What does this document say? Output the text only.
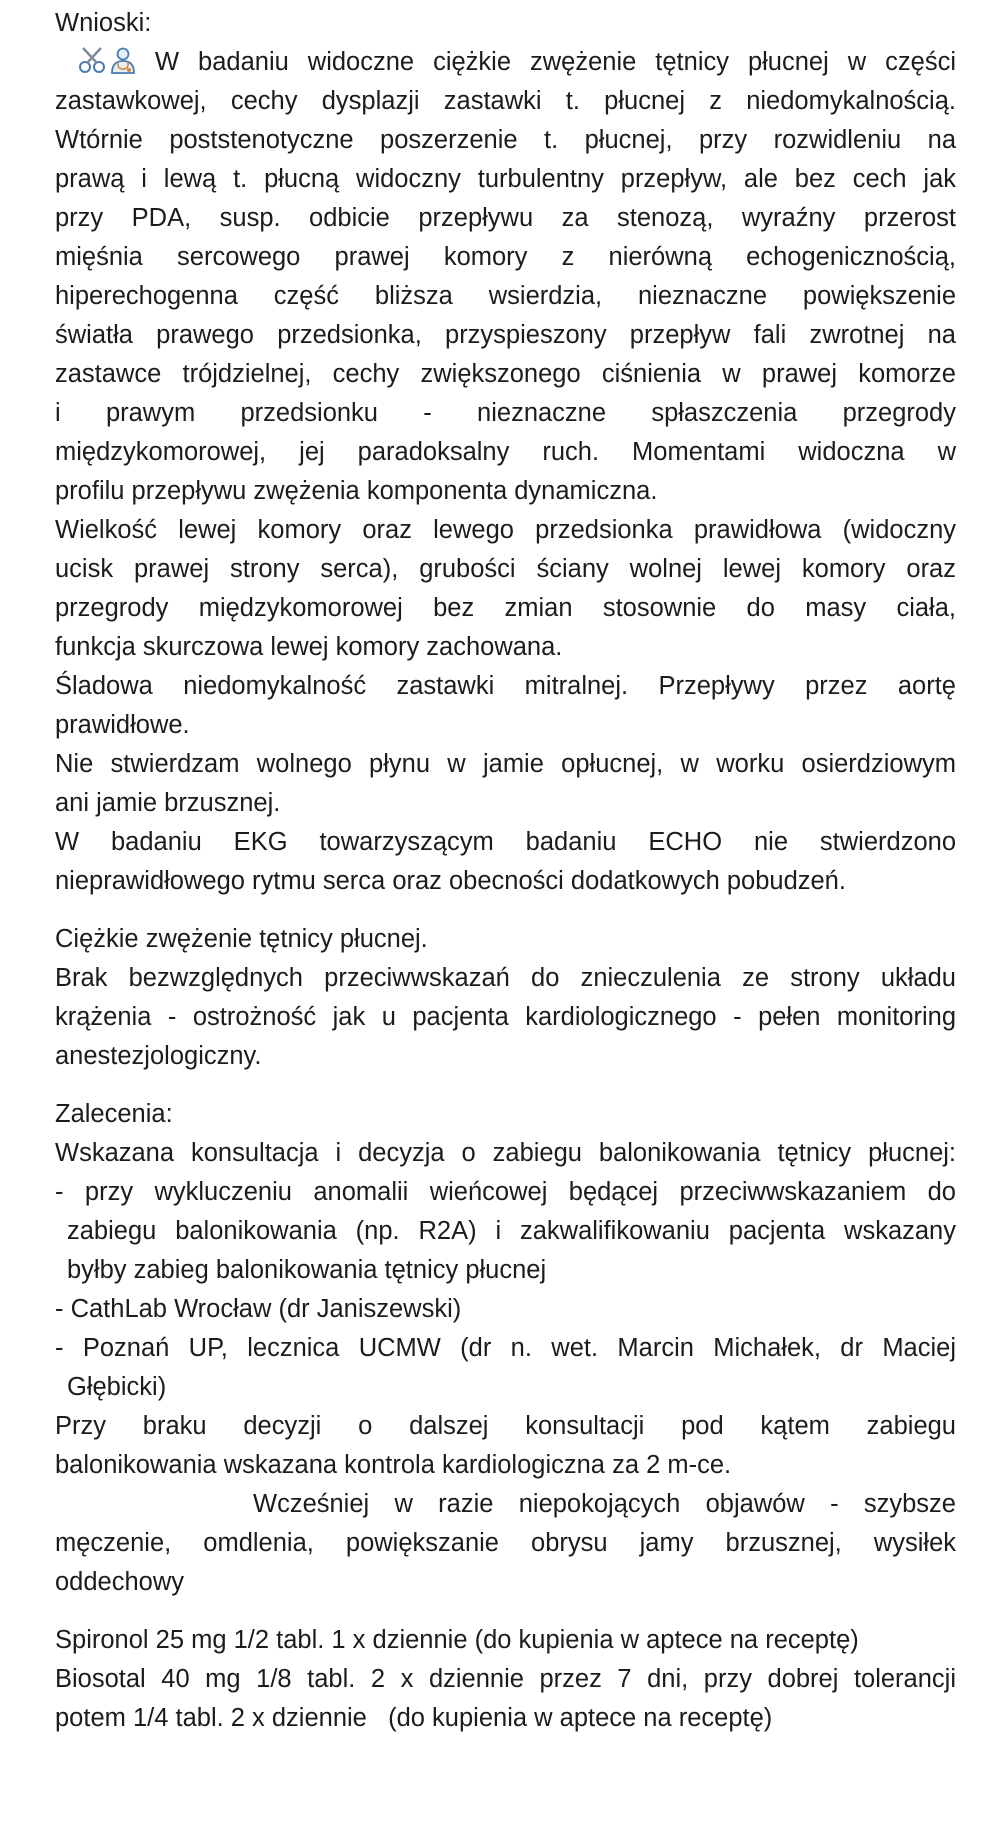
Wnioski:
W badaniu widoczne ciężkie zwężenie tętnicy płucnej w części
zastawkowej, cechy dysplazji zastawki t. płucnej z niedomykalnością.
Wtórnie poststenotyczne poszerzenie t. płucnej, przy rozwidleniu na
prawą i lewą t. płucną widoczny turbulentny przepływ, ale bez cech jak
przy PDA, susp. odbicie przepływu za stenozą, wyraźny przerost
mięśnia sercowego prawej komory z nierówną echogenicznością,
hiperechogenna część bliższa wsierdzia, nieznaczne powiększenie
światła prawego przedsionka, przyspieszony przepływ fali zwrotnej na
zastawce trójdzielnej, cechy zwiększonego ciśnienia w prawej komorze
i prawym przedsionku - nieznaczne spłaszczenia przegrody
międzykomorowej, jej paradoksalny ruch. Momentami widoczna w
profilu przepływu zwężenia komponenta dynamiczna.
Wielkość lewej komory oraz lewego przedsionka prawidłowa (widoczny
ucisk prawej strony serca), grubości ściany wolnej lewej komory oraz
przegrody międzykomorowej bez zmian stosownie do masy ciała,
funkcja skurczowa lewej komory zachowana.
Śladowa niedomykalność zastawki mitralnej. Przepływy przez aortę
prawidłowe.
Nie stwierdzam wolnego płynu w jamie opłucnej, w worku osierdziowym
ani jamie brzusznej.
W badaniu EKG towarzyszącym badaniu ECHO nie stwierdzono
nieprawidłowego rytmu serca oraz obecności dodatkowych pobudzeń.
Ciężkie zwężenie tętnicy płucnej.
Brak bezwzględnych przeciwwskazań do znieczulenia ze strony układu
krążenia - ostrożność jak u pacjenta kardiologicznego - pełen monitoring
anestezjologiczny.
Zalecenia:
Wskazana konsultacja i decyzja o zabiegu balonikowania tętnicy płucnej:
- przy wykluczeniu anomalii wieńcowej będącej przeciwwskazaniem do
zabiegu balonikowania (np. R2A) i zakwalifikowaniu pacjenta wskazany
byłby zabieg balonikowania tętnicy płucnej
- CathLab Wrocław (dr Janiszewski)
- Poznań UP, lecznica UCMW (dr n. wet. Marcin Michałek, dr Maciej
Głębicki)
Przy braku decyzji o dalszej konsultacji pod kątem zabiegu
balonikowania wskazana kontrola kardiologiczna za 2 m-ce.
Wcześniej w razie niepokojących objawów - szybsze
męczenie, omdlenia, powiększanie obrysu jamy brzusznej, wysiłek
oddechowy
Spironol 25 mg 1/2 tabl. 1 x dziennie (do kupienia w aptece na receptę)
Biosotal 40 mg 1/8 tabl. 2 x dziennie przez 7 dni, przy dobrej tolerancji
potem 1/4 tabl. 2 x dziennie   (do kupienia w aptece na receptę)
